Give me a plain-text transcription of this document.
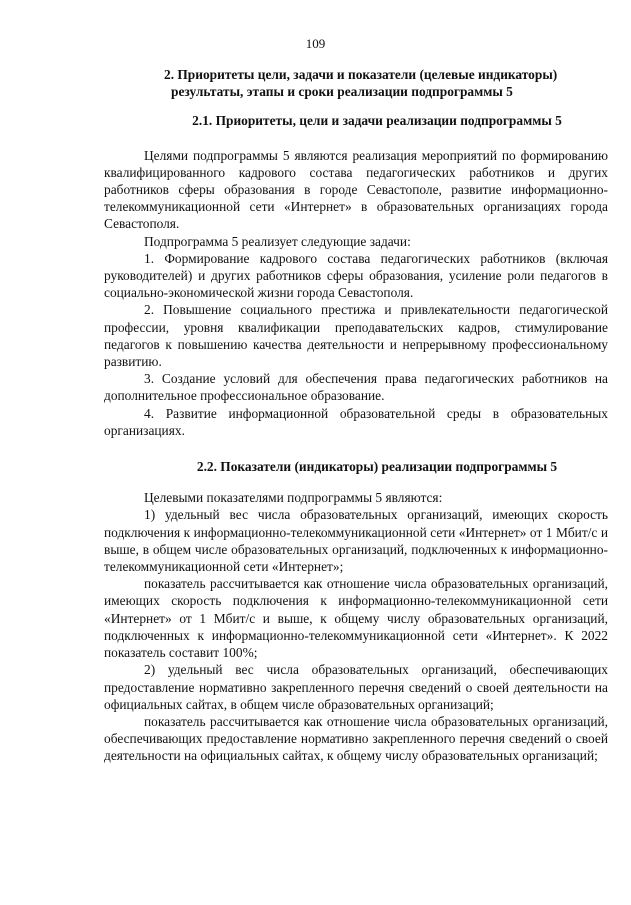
109
2. Приоритеты цели, задачи и показатели (целевые индикаторы)
результаты, этапы и сроки реализации подпрограммы 5
2.1. Приоритеты, цели и задачи реализации подпрограммы 5

Целями подпрограммы 5 являются реализация мероприятий по формированию квалифицированного кадрового состава педагогических работников и других работников сферы образования в городе Севастополе, развитие информационно-телекоммуникационной сети «Интернет» в образовательных организациях города Севастополя.

Подпрограмма 5 реализует следующие задачи:

1. Формирование кадрового состава педагогических работников (включая руководителей) и других работников сферы образования, усиление роли педагогов в социально-экономической жизни города Севастополя.

2. Повышение социального престижа и привлекательности педагогической профессии, уровня квалификации преподавательских кадров, стимулирование педагогов к повышению качества деятельности и непрерывному профессиональному развитию.

3. Создание условий для обеспечения права педагогических работников на дополнительное профессиональное образование.

4. Развитие информационной образовательной среды в образовательных организациях.

2.2. Показатели (индикаторы) реализации подпрограммы 5

Целевыми показателями подпрограммы 5 являются:

1) удельный вес числа образовательных организаций, имеющих скорость подключения к информационно-телекоммуникационной сети «Интернет» от 1 Мбит/с и выше, в общем числе образовательных организаций, подключенных к информационно-телекоммуникационной сети «Интернет»;

показатель рассчитывается как отношение числа образовательных организаций, имеющих скорость подключения к информационно-телекоммуникационной сети «Интернет» от 1 Мбит/с и выше, к общему числу образовательных организаций, подключенных к информационно-телекоммуникационной сети «Интернет». К 2022 показатель составит 100%;

2) удельный вес числа образовательных организаций, обеспечивающих предоставление нормативно закрепленного перечня сведений о своей деятельности на официальных сайтах, в общем числе образовательных организаций;

показатель рассчитывается как отношение числа образовательных организаций, обеспечивающих предоставление нормативно закрепленного перечня сведений о своей деятельности на официальных сайтах, к общему числу образовательных организаций;
